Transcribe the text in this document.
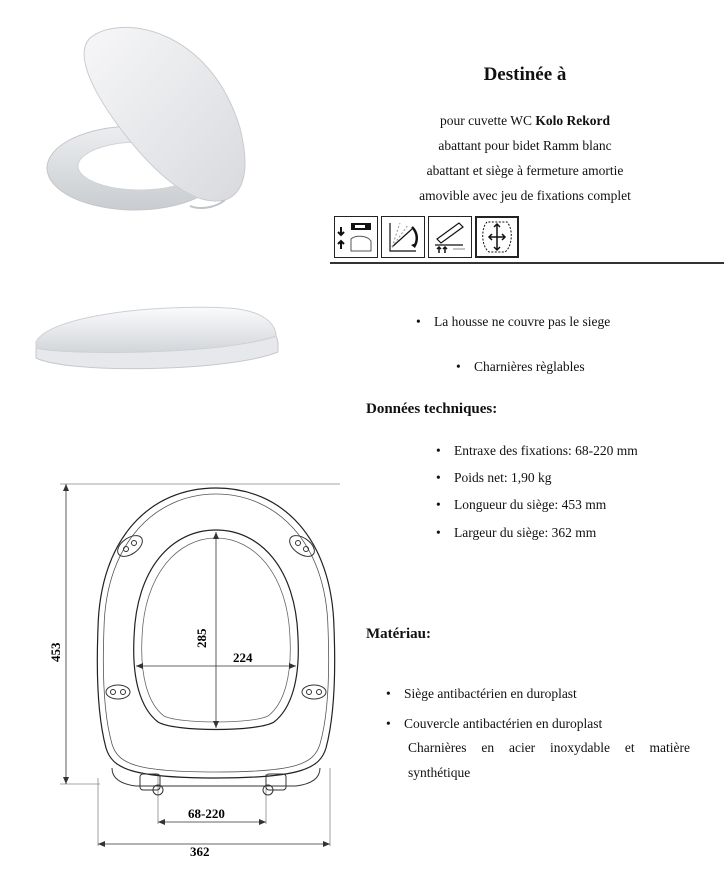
Destinée à
pour cuvette WC Kolo Rekord
abattant pour bidet Ramm blanc
abattant et siège à fermeture amortie
amovible avec jeu de fixations complet
• La housse ne couvre pas le siege
• Charnières règlables
Données techniques:
• Entraxe des fixations: 68-220 mm
• Poids net: 1,90 kg
• Longueur du siège: 453 mm
• Largeur du siège: 362 mm
Matériau:
• Siège antibactérien en duroplast
• Couvercle antibactérien en duroplast
Charnières en acier inoxydable et matière
synthétique
285
224
453
68-220
362
